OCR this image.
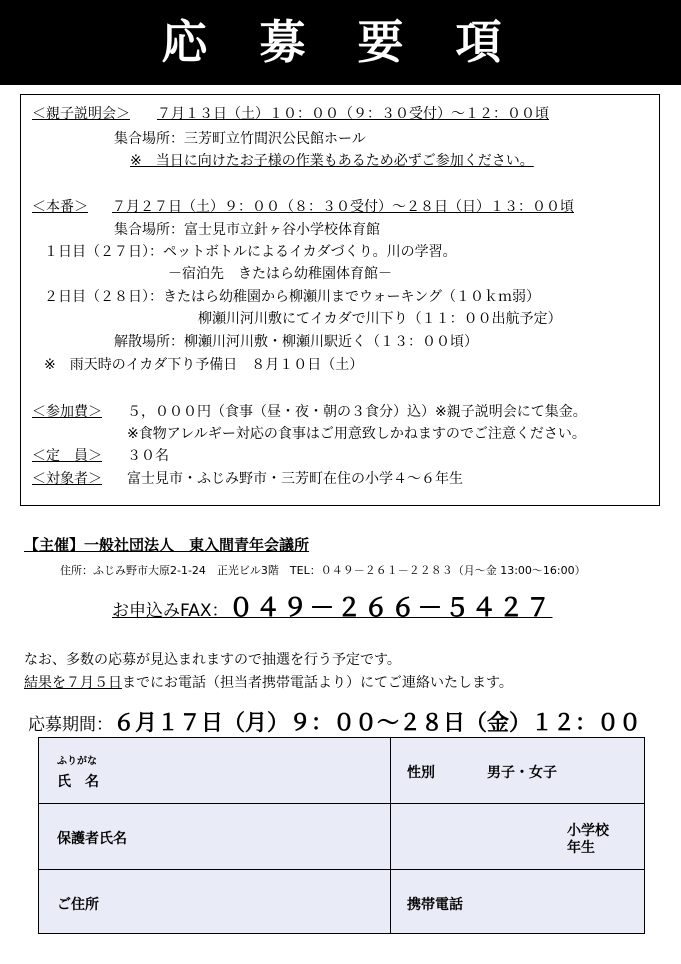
応 募 要 項
＜親子説明会＞ ７月１３日（土）１０：００（９：３０受付）～１２：００頃
集合場所：三芳町立竹間沢公民館ホール
※　当日に向けたお子様の作業もあるため必ずご参加ください。
＜本番＞ ７月２７日（土）９：００（８：３０受付）～２８日（日）１３：００頃
集合場所：富士見市立針ヶ谷小学校体育館
１日目（２７日）：ペットボトルによるイカダづくり。川の学習。
－宿泊先　きたはら幼稚園体育館－
２日目（２８日）：きたはら幼稚園から柳瀬川までウォーキング（１０ｋｍ弱）
柳瀬川河川敷にてイカダで川下り（１１：００出航予定）
解散場所：柳瀬川河川敷・柳瀬川駅近く（１３：００頃）
※　雨天時のイカダ下り予備日　８月１０日（土）
＜参加費＞ ５，０００円（食事（昼・夜・朝の３食分）込）※親子説明会にて集金。
※食物アレルギー対応の食事はご用意致しかねますのでご注意ください。
＜定　員＞ ３０名
＜対象者＞ 富士見市・ふじみ野市・三芳町在住の小学４～６年生
【主催】一般社団法人　東入間青年会議所
住所：ふじみ野市大原2-1-24　正光ビル3階　TEL：０４９－２６１－２２８３（月～金 13:00～16:00）
お申込みFAX：０４９－２６６－５４２７
なお、多数の応募が見込まれますので抽選を行う予定です。
結果を７月５日までにお電話（担当者携帯電話より）にてご連絡いたします。
応募期間：６月１７日（月）９：００～２８日（金）１２：００
ふりがな
氏　名	性別 男子・女子

保護者氏名	小学校
年生

ご住所	携帯電話
